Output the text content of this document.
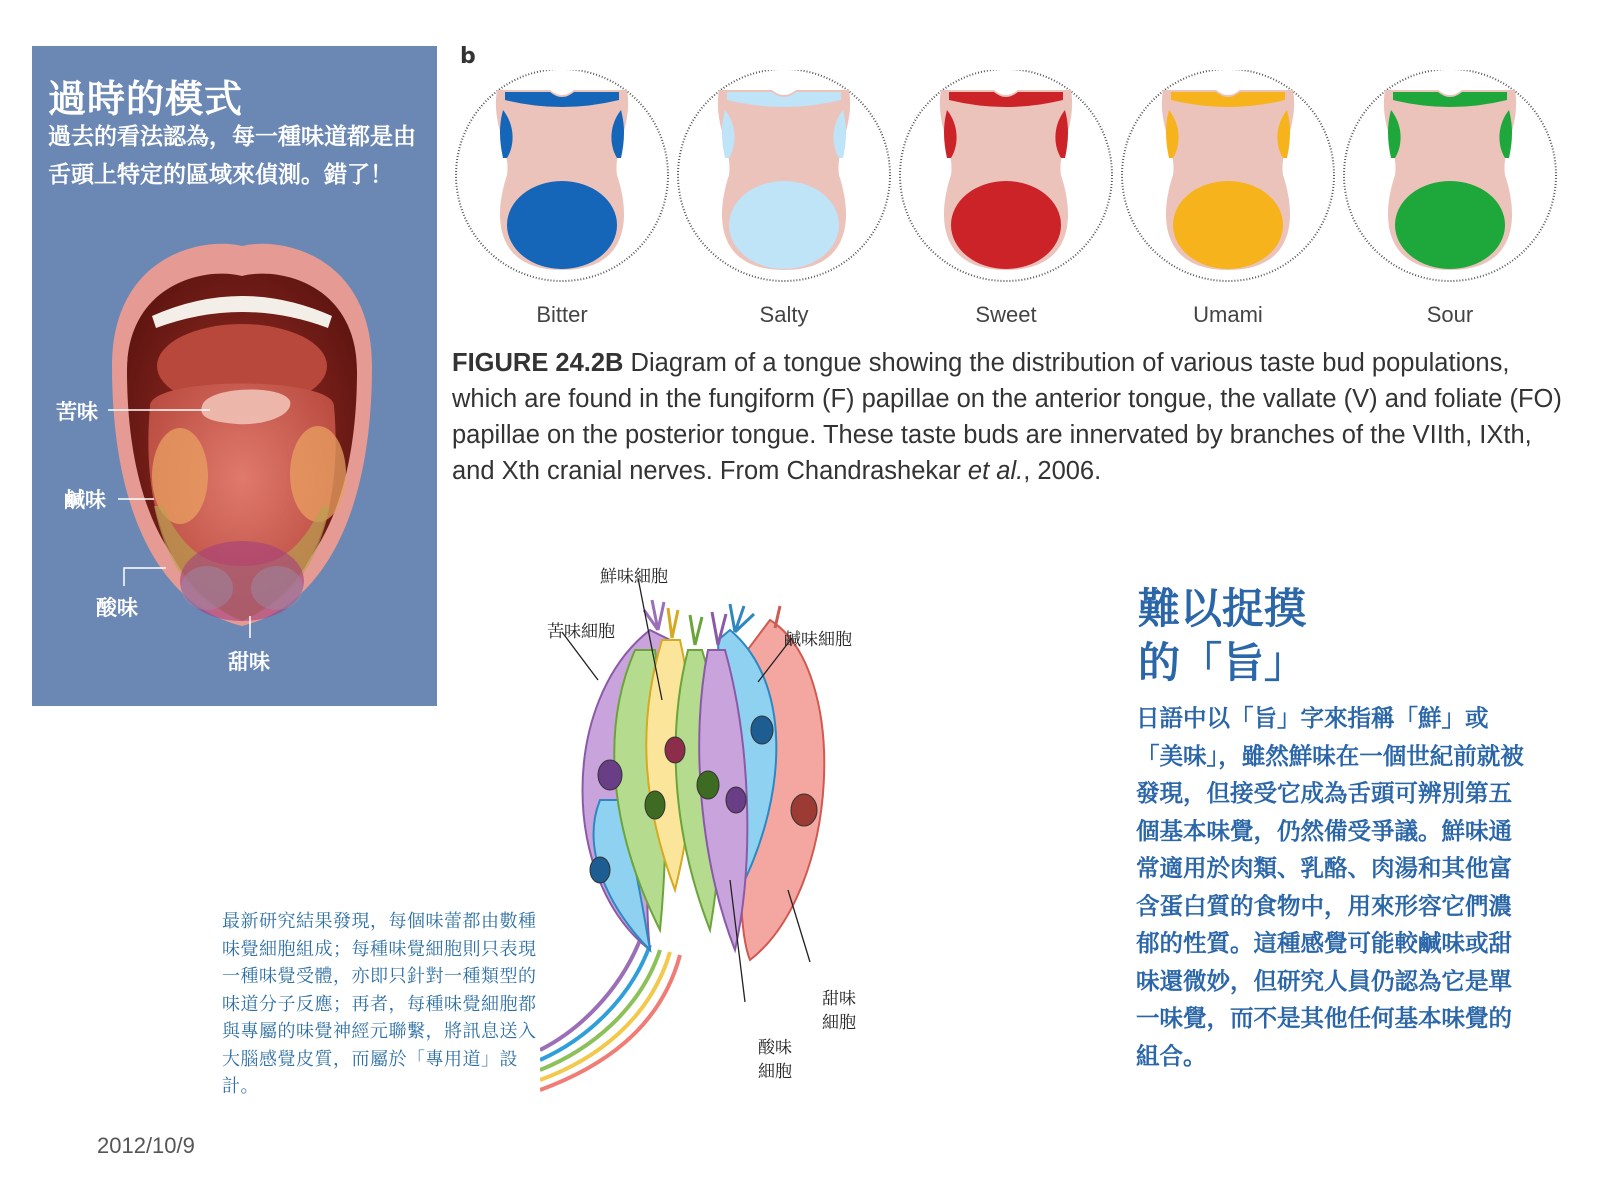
過時的模式
過去的看法認為，每一種味道都是由舌頭上特定的區域來偵測。錯了！
苦味
鹹味
酸味
甜味
b
Bitter	Salty	Sweet	Umami	Sour
FIGURE 24.2B Diagram of a tongue showing the distribution of various taste bud populations, which are found in the fungiform (F) papillae on the anterior tongue, the vallate (V) and foliate (FO) papillae on the posterior tongue. These taste buds are innervated by branches of the VIIth, IXth, and Xth cranial nerves. From Chandrashekar et al., 2006.
鮮味細胞
苦味細胞	鹹味細胞
甜味
細胞
酸味
細胞
最新研究結果發現，每個味蕾都由數種味覺細胞組成；每種味覺細胞則只表現一種味覺受體，亦即只針對一種類型的味道分子反應；再者，每種味覺細胞都與專屬的味覺神經元聯繫，將訊息送入大腦感覺皮質，而屬於「專用道」設計。
難以捉摸
的「旨」
日語中以「旨」字來指稱「鮮」或「美味」，雖然鮮味在一個世紀前就被發現，但接受它成為舌頭可辨別第五個基本味覺，仍然備受爭議。鮮味通常適用於肉類、乳酪、肉湯和其他富含蛋白質的食物中，用來形容它們濃郁的性質。這種感覺可能較鹹味或甜味還微妙，但研究人員仍認為它是單一味覺，而不是其他任何基本味覺的組合。
2012/10/9
